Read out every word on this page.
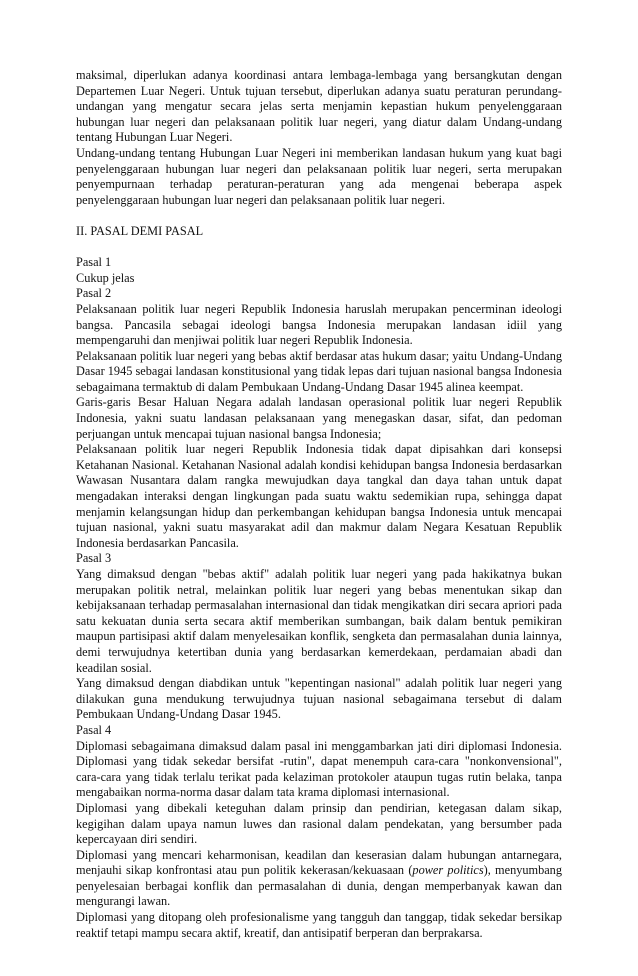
maksimal, diperlukan adanya koordinasi antara lembaga-lembaga yang bersangkutan dengan Departemen Luar Negeri. Untuk tujuan tersebut, diperlukan adanya suatu peraturan perundang-undangan yang mengatur secara jelas serta menjamin kepastian hukum penyelenggaraan hubungan luar negeri dan pelaksanaan politik luar negeri, yang diatur dalam Undang-undang tentang Hubungan Luar Negeri.

Undang-undang tentang Hubungan Luar Negeri ini memberikan landasan hukum yang kuat bagi penyelenggaraan hubungan luar negeri dan pelaksanaan politik luar negeri, serta merupakan penyempurnaan terhadap peraturan-peraturan yang ada mengenai beberapa aspek penyelenggaraan hubungan luar negeri dan pelaksanaan politik luar negeri.

II. PASAL DEMI PASAL

Pasal 1

Cukup jelas

Pasal 2

Pelaksanaan politik luar negeri Republik Indonesia haruslah merupakan pencerminan ideologi bangsa. Pancasila sebagai ideologi bangsa Indonesia merupakan landasan idiil yang mempengaruhi dan menjiwai politik luar negeri Republik Indonesia.

Pelaksanaan politik luar negeri yang bebas aktif berdasar atas hukum dasar; yaitu Undang-Undang Dasar 1945 sebagai landasan konstitusional yang tidak lepas dari tujuan nasional bangsa Indonesia sebagaimana termaktub di dalam Pembukaan Undang-Undang Dasar 1945 alinea keempat.

Garis-garis Besar Haluan Negara adalah landasan operasional politik luar negeri Republik Indonesia, yakni suatu landasan pelaksanaan yang menegaskan dasar, sifat, dan pedoman perjuangan untuk mencapai tujuan nasional bangsa Indonesia;

Pelaksanaan politik luar negeri Republik Indonesia tidak dapat dipisahkan dari konsepsi Ketahanan Nasional. Ketahanan Nasional adalah kondisi kehidupan bangsa Indonesia berdasarkan Wawasan Nusantara dalam rangka mewujudkan daya tangkal dan daya tahan untuk dapat mengadakan interaksi dengan lingkungan pada suatu waktu sedemikian rupa, sehingga dapat menjamin kelangsungan hidup dan perkembangan kehidupan bangsa Indonesia untuk mencapai tujuan nasional, yakni suatu masyarakat adil dan makmur dalam Negara Kesatuan Republik Indonesia berdasarkan Pancasila.

Pasal 3

Yang dimaksud dengan "bebas aktif" adalah politik luar negeri yang pada hakikatnya bukan merupakan politik netral, melainkan politik luar negeri yang bebas menentukan sikap dan kebijaksanaan terhadap permasalahan internasional dan tidak mengikatkan diri secara apriori pada satu kekuatan dunia serta secara aktif memberikan sumbangan, baik dalam bentuk pemikiran maupun partisipasi aktif dalam menyelesaikan konflik, sengketa dan permasalahan dunia lainnya, demi terwujudnya ketertiban dunia yang berdasarkan kemerdekaan, perdamaian abadi dan keadilan sosial.

Yang dimaksud dengan diabdikan untuk "kepentingan nasional" adalah politik luar negeri yang dilakukan guna mendukung terwujudnya tujuan nasional sebagaimana tersebut di dalam Pembukaan Undang-Undang Dasar 1945.

Pasal 4

Diplomasi sebagaimana dimaksud dalam pasal ini menggambarkan jati diri diplomasi Indonesia. Diplomasi yang tidak sekedar bersifat -rutin", dapat menempuh cara-cara "nonkonvensional", cara-cara yang tidak terlalu terikat pada kelaziman protokoler ataupun tugas rutin belaka, tanpa mengabaikan norma-norma dasar dalam tata krama diplomasi internasional.

Diplomasi yang dibekali keteguhan dalam prinsip dan pendirian, ketegasan dalam sikap, kegigihan dalam upaya namun luwes dan rasional dalam pendekatan, yang bersumber pada kepercayaan diri sendiri.

Diplomasi yang mencari keharmonisan, keadilan dan keserasian dalam hubungan antarnegara, menjauhi sikap konfrontasi atau pun politik kekerasan/kekuasaan (power politics), menyumbang penyelesaian berbagai konflik dan permasalahan di dunia, dengan memperbanyak kawan dan mengurangi lawan.

Diplomasi yang ditopang oleh profesionalisme yang tangguh dan tanggap, tidak sekedar bersikap reaktif tetapi mampu secara aktif, kreatif, dan antisipatif berperan dan berprakarsa.
